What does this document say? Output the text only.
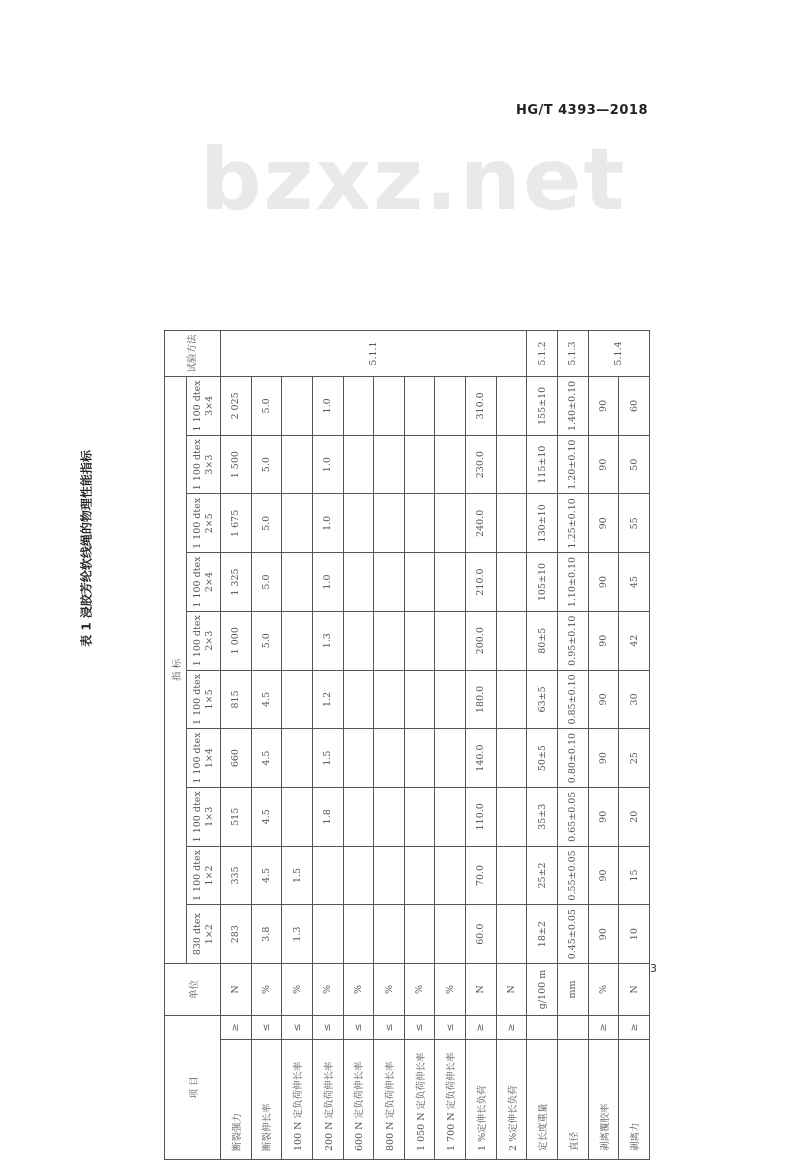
bzxz.net
HG/T 4393—2018
表 1 浸胶芳纶软线绳的物理性能指标
项 目		单位	指 标										试验方法
			830 dtex 1×2	1 100 dtex 1×2	1 100 dtex 1×3	1 100 dtex 1×4	1 100 dtex 1×5	1 100 dtex 2×3	1 100 dtex 2×4	1 100 dtex 2×5	1 100 dtex 3×3	1 100 dtex 3×4	
断裂强力	≥	N	283	335	515	660	815	1 000	1 325	1 675	1 500	2 025	5.1.1
断裂伸长率	≤	%	3.8	4.5	4.5	4.5	4.5	5.0	5.0	5.0	5.0	5.0	
100 N 定负荷伸长率	≤	%	1.3	1.5									
200 N 定负荷伸长率	≤	%			1.8	1.5	1.2	1.3	1.0	1.0	1.0	1.0	
600 N 定负荷伸长率	≤	%											
800 N 定负荷伸长率	≤	%											
1 050 N 定负荷伸长率	≤	%											
1 700 N 定负荷伸长率	≤	%											
1 %定伸长负荷	≥	N	60.0	70.0	110.0	140.0	180.0	200.0	210.0	240.0	230.0	310.0	
2 %定伸长负荷	≥	N											
定长度重量		g/100 m	18±2	25±2	35±3	50±5	63±5	80±5	105±10	130±10	115±10	155±10	5.1.2
直径		mm	0.45±0.05	0.55±0.05	0.65±0.05	0.80±0.10	0.85±0.10	0.95±0.10	1.10±0.10	1.25±0.10	1.20±0.10	1.40±0.10	5.1.3
剥离覆胶率	≥	%	90	90	90	90	90	90	90	90	90	90	5.1.4
剥离力	≥	N	10	15	20	25	30	42	45	55	50	60	
3
